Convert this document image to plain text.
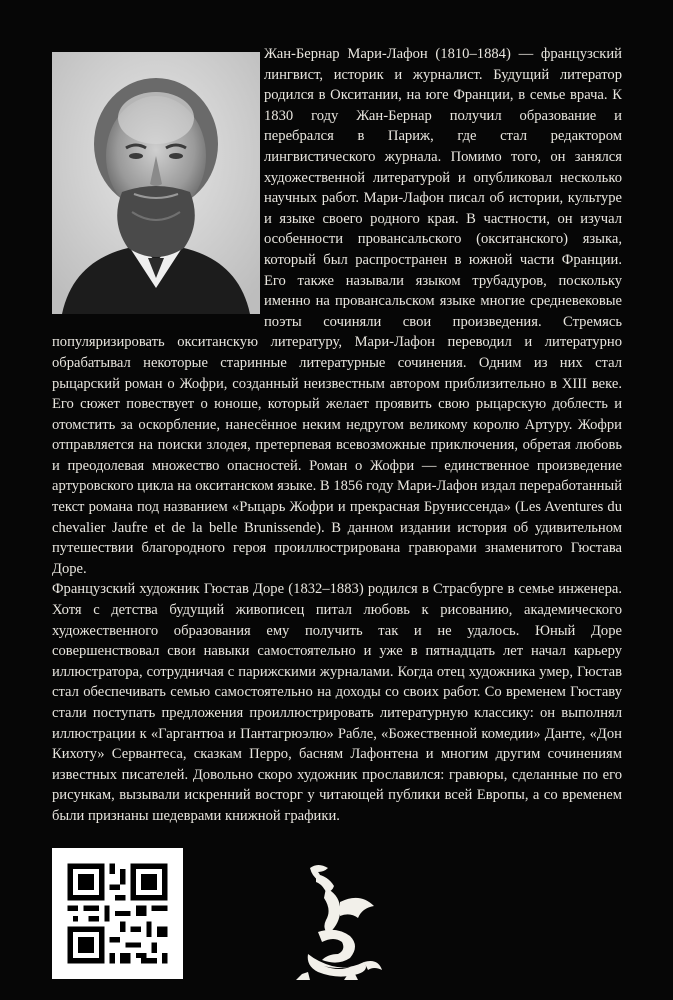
Жан-Бернар Мари-Лафон (1810–1884) — французский лингвист, историк и журналист. Будущий литератор родился в Окситании, на юге Франции, в семье врача. К 1830 году Жан-Бернар получил образование и перебрался в Париж, где стал редактором лингвистического журнала. Помимо того, он занялся художественной литературой и опубликовал несколько научных работ. Мари-Лафон писал об истории, культуре и языке своего родного края. В частности, он изучал особенности провансальского (окситанского) языка, который был распространен в южной части Франции. Его также называли языком трубадуров, поскольку именно на провансальском языке многие средневековые поэты сочиняли свои произведения. Стремясь популяризировать окситанскую литературу, Мари-Лафон переводил и литературно обрабатывал некоторые старинные литературные сочинения. Одним из них стал рыцарский роман о Жофри, созданный неизвестным автором приблизительно в XIII веке. Его сюжет повествует о юноше, который желает проявить свою рыцарскую доблесть и отомстить за оскорбление, нанесённое неким недругом великому королю Артуру. Жофри отправляется на поиски злодея, претерпевая всевозможные приключения, обретая любовь и преодолевая множество опасностей. Роман о Жофри — единственное произведение артуровского цикла на окситанском языке. В 1856 году Мари-Лафон издал переработанный текст романа под названием «Рыцарь Жофри и прекрасная Бруниссенда» (Les Aventures du chevalier Jaufre et de la belle Brunissende). В данном издании история об удивительном путешествии благородного героя проиллюстрирована гравюрами знаменитого Гюстава Доре.

Французский художник Гюстав Доре (1832–1883) родился в Страсбурге в семье инженера. Хотя с детства будущий живописец питал любовь к рисованию, академического художественного образования ему получить так и не удалось. Юный Доре совершенствовал свои навыки самостоятельно и уже в пятнадцать лет начал карьеру иллюстратора, сотрудничая с парижскими журналами. Когда отец художника умер, Гюстав стал обеспечивать семью самостоятельно на доходы со своих работ. Со временем Гюставу стали поступать предложения проиллюстрировать литературную классику: он выполнял иллюстрации к «Гаргантюа и Пантагрюэлю» Рабле, «Божественной комедии» Данте, «Дон Кихоту» Сервантеса, сказкам Перро, басням Лафонтена и многим другим сочинениям известных писателей. Довольно скоро художник прославился: гравюры, сделанные по его рисункам, вызывали искренний восторг у читающей публики всей Европы, а со временем были признаны шедеврами книжной графики.
